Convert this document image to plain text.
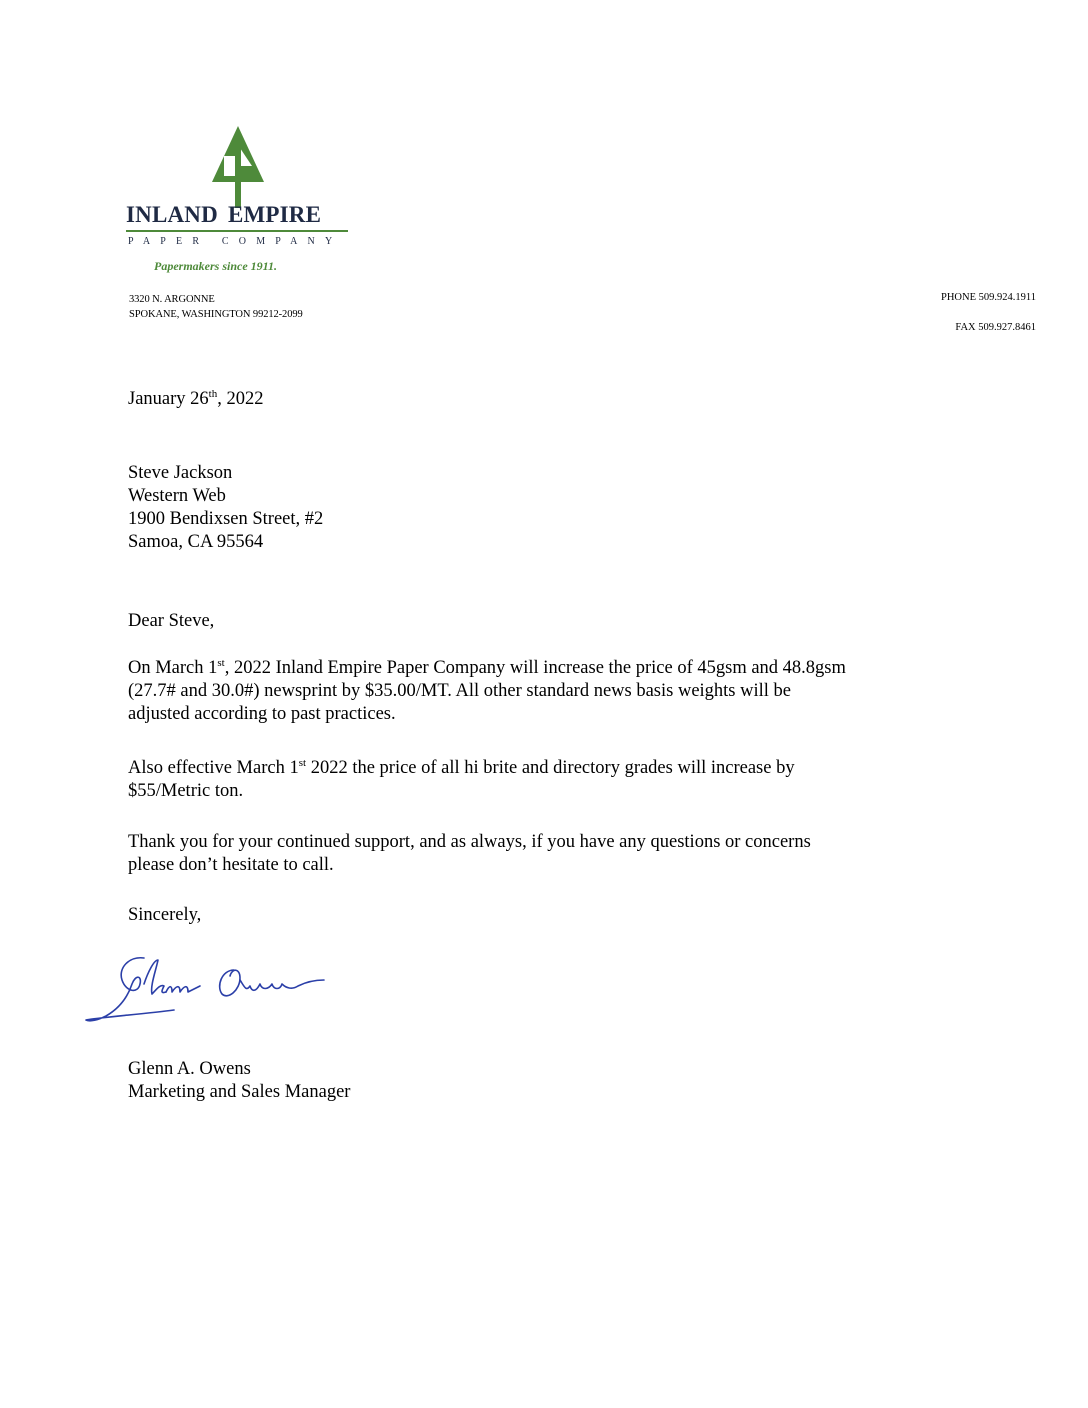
INLAND EMPIRE
PAPER COMPANY
Papermakers since 1911.
3320 N. ARGONNE
SPOKANE, WASHINGTON 99212-2099
PHONE 509.924.1911
FAX 509.927.8461
January 26th, 2022

Steve Jackson

Western Web

1900 Bendixsen Street, #2

Samoa, CA 95564

Dear Steve,

On March 1st, 2022 Inland Empire Paper Company will increase the price of 45gsm and 48.8gsm

(27.7# and 30.0#) newsprint by $35.00/MT. All other standard news basis weights will be

adjusted according to past practices.

Also effective March 1st 2022 the price of all hi brite and directory grades will increase by

$55/Metric ton.

Thank you for your continued support, and as always, if you have any questions or concerns

please don’t hesitate to call.

Sincerely,

Glenn A. Owens

Marketing and Sales Manager
